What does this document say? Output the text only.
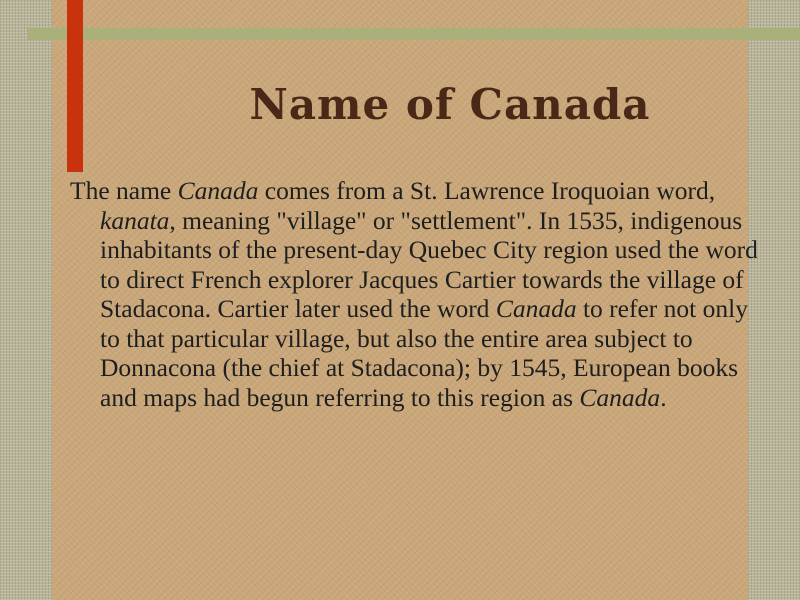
Name of Canada

The name Canada comes from a St. Lawrence Iroquoian word, kanata, meaning "village" or "settlement". In 1535, indigenous inhabitants of the present-day Quebec City region used the word to direct French explorer Jacques Cartier towards the village of Stadacona. Cartier later used the word Canada to refer not only to that particular village, but also the entire area subject to Donnacona (the chief at Stadacona); by 1545, European books and maps had begun referring to this region as Canada.
